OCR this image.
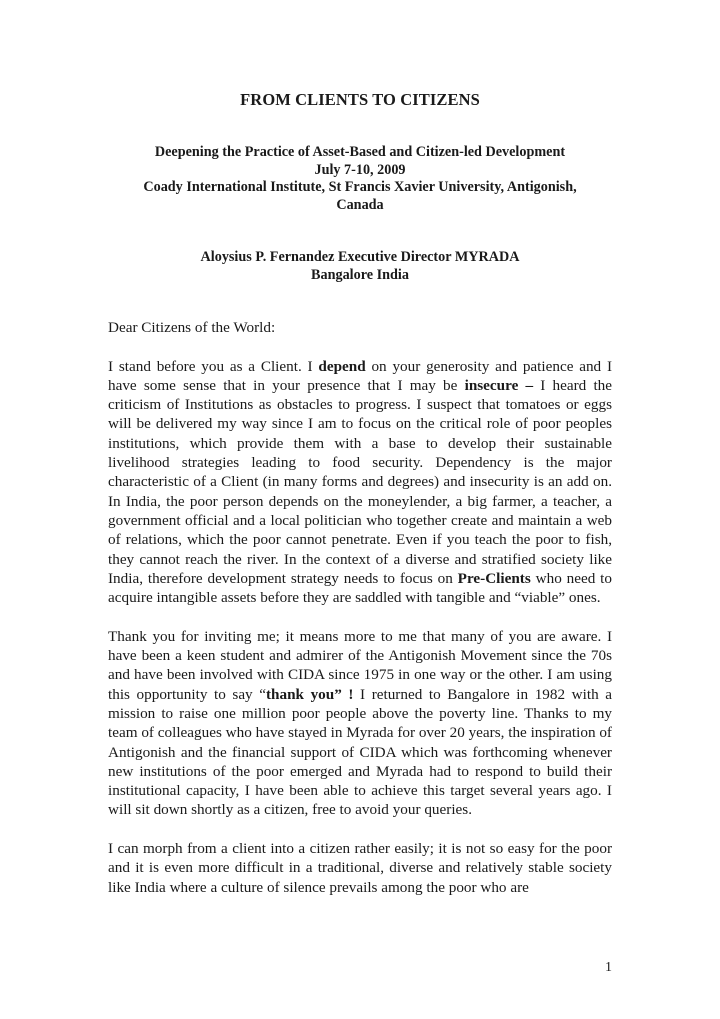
FROM CLIENTS TO CITIZENS
Deepening the Practice of Asset-Based and Citizen-led Development
July 7-10, 2009
Coady International Institute, St Francis Xavier University, Antigonish,
Canada
Aloysius P. Fernandez Executive Director MYRADA
Bangalore India

Dear Citizens of the World:

I stand before you as a Client. I depend on your generosity and patience and I have some sense that in your presence that I may be insecure – I heard the criticism of Institutions as obstacles to progress. I suspect that tomatoes or eggs will be delivered my way since I am to focus on the critical role of poor peoples institutions, which provide them with a base to develop their sustainable livelihood strategies leading to food security. Dependency is the major characteristic of a Client (in many forms and degrees) and insecurity is an add on. In India, the poor person depends on the moneylender, a big farmer, a teacher, a government official and a local politician who together create and maintain a web of relations, which the poor cannot penetrate. Even if you teach the poor to fish, they cannot reach the river. In the context of a diverse and stratified society like India, therefore development strategy needs to focus on Pre-Clients who need to acquire intangible assets before they are saddled with tangible and “viable” ones.

Thank you for inviting me; it means more to me that many of you are aware. I have been a keen student and admirer of the Antigonish Movement since the 70s and have been involved with CIDA since 1975 in one way or the other. I am using this opportunity to say “thank you” ! I returned to Bangalore in 1982 with a mission to raise one million poor people above the poverty line. Thanks to my team of colleagues who have stayed in Myrada for over 20 years, the inspiration of Antigonish and the financial support of CIDA which was forthcoming whenever new institutions of the poor emerged and Myrada had to respond to build their institutional capacity, I have been able to achieve this target several years ago. I will sit down shortly as a citizen, free to avoid your queries.

I can morph from a client into a citizen rather easily; it is not so easy for the poor and it is even more difficult in a traditional, diverse and relatively stable society like India where a culture of silence prevails among the poor who are

1
